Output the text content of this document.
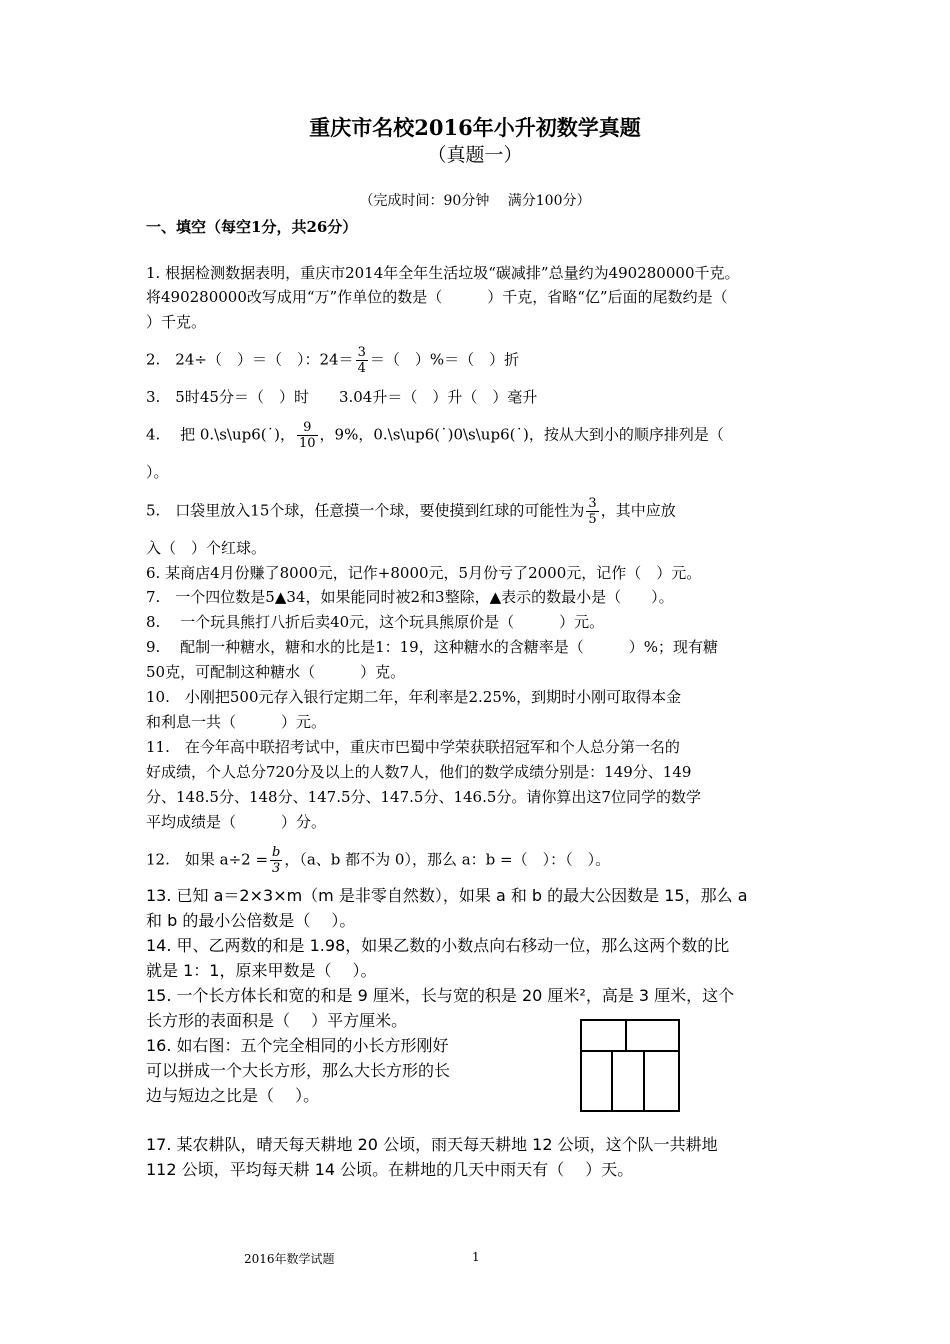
重庆市名校2016年小升初数学真题
（真题一）
（完成时间：90分钟　 满分100分）
一、填空（每空1分，共26分）
1. 根据检测数据表明，重庆市2014年全年生活垃圾“碳减排”总量约为490280000千克。
将490280000改写成用“万”作单位的数是（　　　）千克，省略“亿”后面的尾数约是（
）千克。
2.　24÷（　）＝（　）：$24= \frac{3}{4}$ ＝（　）%＝（　）折
3.　5时45分＝（　）时　　3.04升＝（　）升（　）毫升
4.　 把 0.\s\up6(˙)， $\frac{9}{10}$ ，9%，0.\s\up6(˙)0\s\up6(˙)，按从大到小的顺序排列是（
）。
5.　口袋里放入15个球，任意摸一个球，要使摸到红球的可能性为 $\frac{3}{5}$ ，其中应放
入（　）个红球。
6. 某商店4月份赚了8000元，记作+8000元，5月份亏了2000元，记作（　）元。
7.　一个四位数是5▲34，如果能同时被2和3整除，▲表示的数最小是（　　）。
8.　 一个玩具熊打八折后卖40元，这个玩具熊原价是（　　　）元。
9.　 配制一种糖水，糖和水的比是1：19，这种糖水的含糖率是（　　　）%；现有糖
50克，可配制这种糖水（　　　）克。
10.　小刚把500元存入银行定期二年，年利率是2.25%，到期时小刚可取得本金
和利息一共（　　　）元。
11.　在今年高中联招考试中，重庆市巴蜀中学荣获联招冠军和个人总分第一名的
好成绩，个人总分720分及以上的人数7人，他们的数学成绩分别是：149分、149
分、148.5分、148分、147.5分、147.5分、146.5分。请你算出这7位同学的数学
平均成绩是（　　　）分。
12.　如果 $a\div 2 = \frac{b}{3}$ ，（a、b 都不为 0），那么 a：b =（　）：（　）。
13. 已知 a＝2×3×m（m 是非零自然数），如果 a 和 b 的最大公因数是 15，那么 a
和 b 的最小公倍数是（　 ）。
14. 甲、乙两数的和是 1.98，如果乙数的小数点向右移动一位，那么这两个数的比
就是 1：1，原来甲数是（　 ）。
15. 一个长方体长和宽的和是 9 厘米，长与宽的积是 20 厘米²，高是 3 厘米，这个
长方形的表面积是（　 ）平方厘米。
16. 如右图：五个完全相同的小长方形刚好
可以拼成一个大长方形，那么大长方形的长
边与短边之比是（　 ）。
17. 某农耕队，晴天每天耕地 20 公顷，雨天每天耕地 12 公顷，这个队一共耕地
112 公顷，平均每天耕 14 公顷。在耕地的几天中雨天有（　 ）天。
2016年数学试题	1
